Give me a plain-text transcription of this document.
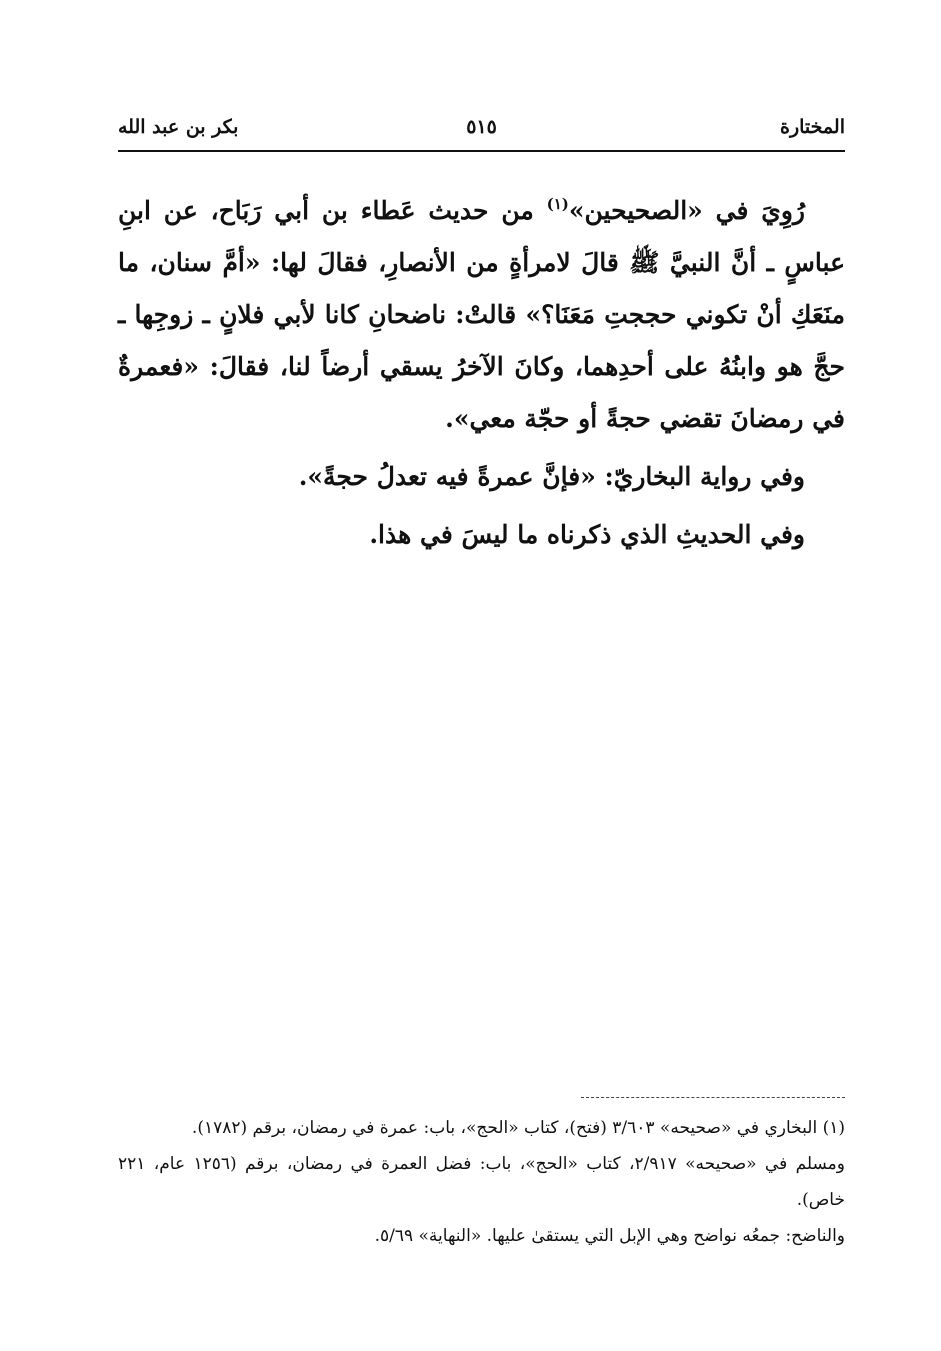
المختارة
٥١٥
بكر بن عبد الله

رُوِيَ في «الصحيحين»$^{(١)}$ من حديث عَطاء بن أبي رَبَاح، عن ابنِ عباسٍ ـ أنَّ النبيَّ ﷺ قالَ لامرأةٍ من الأنصارِ، فقالَ لها: «أمَّ سنان، ما منَعَكِ أنْ تكوني حججتِ مَعَنَا؟» قالتْ: ناضحانِ كانا لأبي فلانٍ ـ زوجِها ـ حجَّ هو وابنُهُ على أحدِهما، وكانَ الآخرُ يسقي أرضاً لنا، فقالَ: «فعمرةٌ في رمضانَ تقضي حجةً أو حجّة معي».

وفي رواية البخاريّ: «فإنَّ عمرةً فيه تعدلُ حجةً».

وفي الحديثِ الذي ذكرناه ما ليسَ في هذا.

(١) البخاري في «صحيحه» ٣/٦٠٣ (فتح)، كتاب «الحج»، باب: عمرة في رمضان، برقم (١٧٨٢).

ومسلم في «صحيحه» ٢/٩١٧، كتاب «الحج»، باب: فضل العمرة في رمضان، برقم (١٢٥٦ عام، ٢٢١ خاص).

والناضح: جمعُه نواضح وهي الإبل التي يستقىٰ عليها. «النهاية» ٥/٦٩.
